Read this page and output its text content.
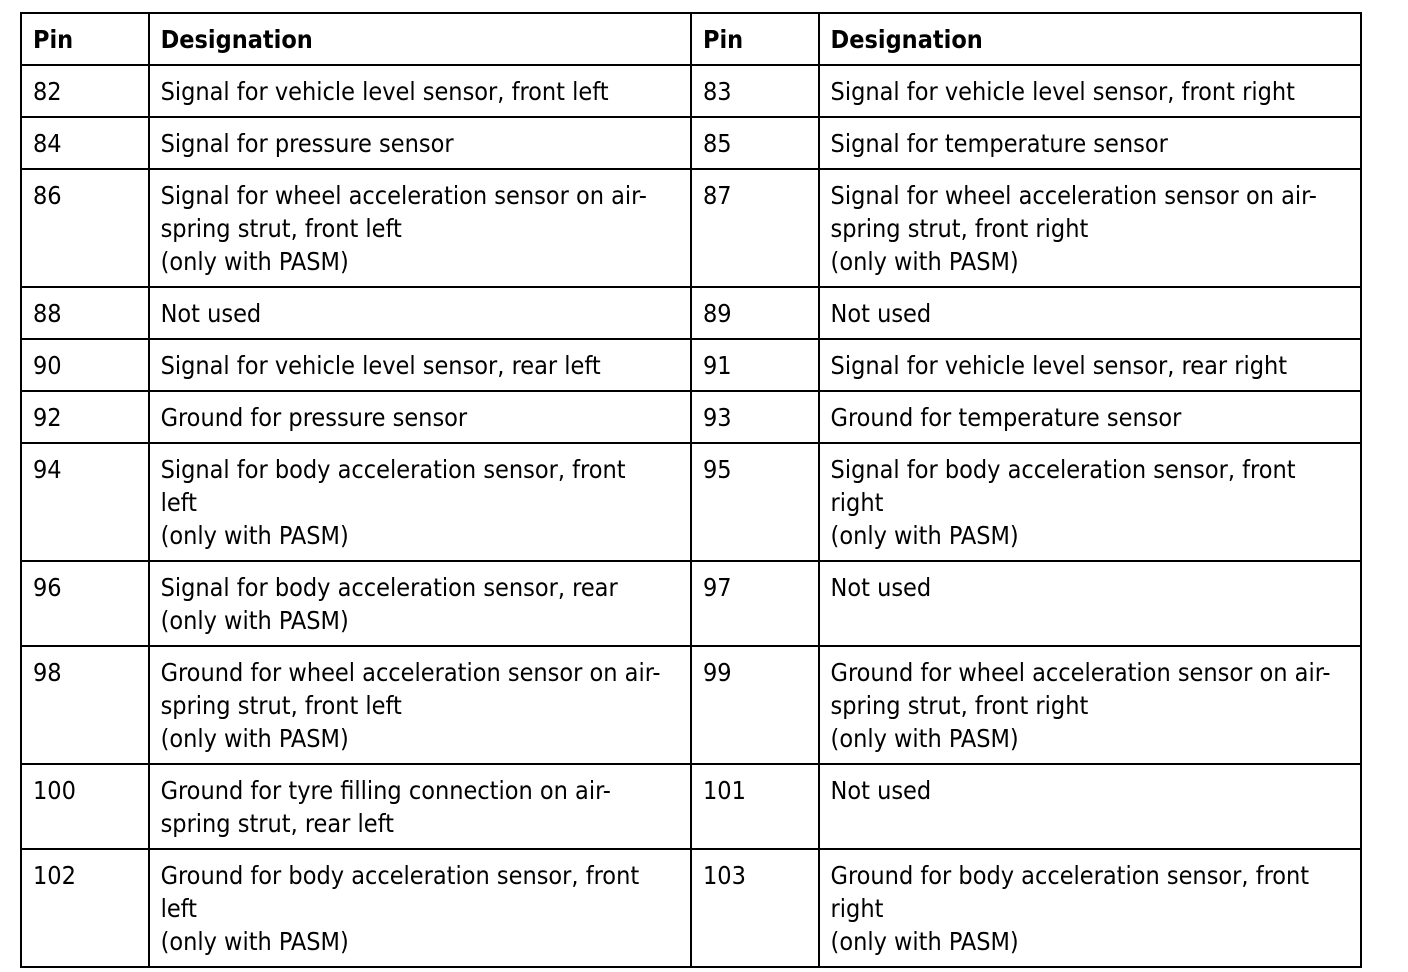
Pin	Designation	Pin	Designation
82	Signal for vehicle level sensor, front left	83	Signal for vehicle level sensor, front right
84	Signal for pressure sensor	85	Signal for temperature sensor
86	Signal for wheel acceleration sensor on air-
spring strut, front left
(only with PASM)	87	Signal for wheel acceleration sensor on air-
spring strut, front right
(only with PASM)
88	Not used	89	Not used
90	Signal for vehicle level sensor, rear left	91	Signal for vehicle level sensor, rear right
92	Ground for pressure sensor	93	Ground for temperature sensor
94	Signal for body acceleration sensor, front
left
(only with PASM)	95	Signal for body acceleration sensor, front
right
(only with PASM)
96	Signal for body acceleration sensor, rear
(only with PASM)	97	Not used
98	Ground for wheel acceleration sensor on air-
spring strut, front left
(only with PASM)	99	Ground for wheel acceleration sensor on air-
spring strut, front right
(only with PASM)
100	Ground for tyre filling connection on air-
spring strut, rear left	101	Not used
102	Ground for body acceleration sensor, front
left
(only with PASM)	103	Ground for body acceleration sensor, front
right
(only with PASM)
